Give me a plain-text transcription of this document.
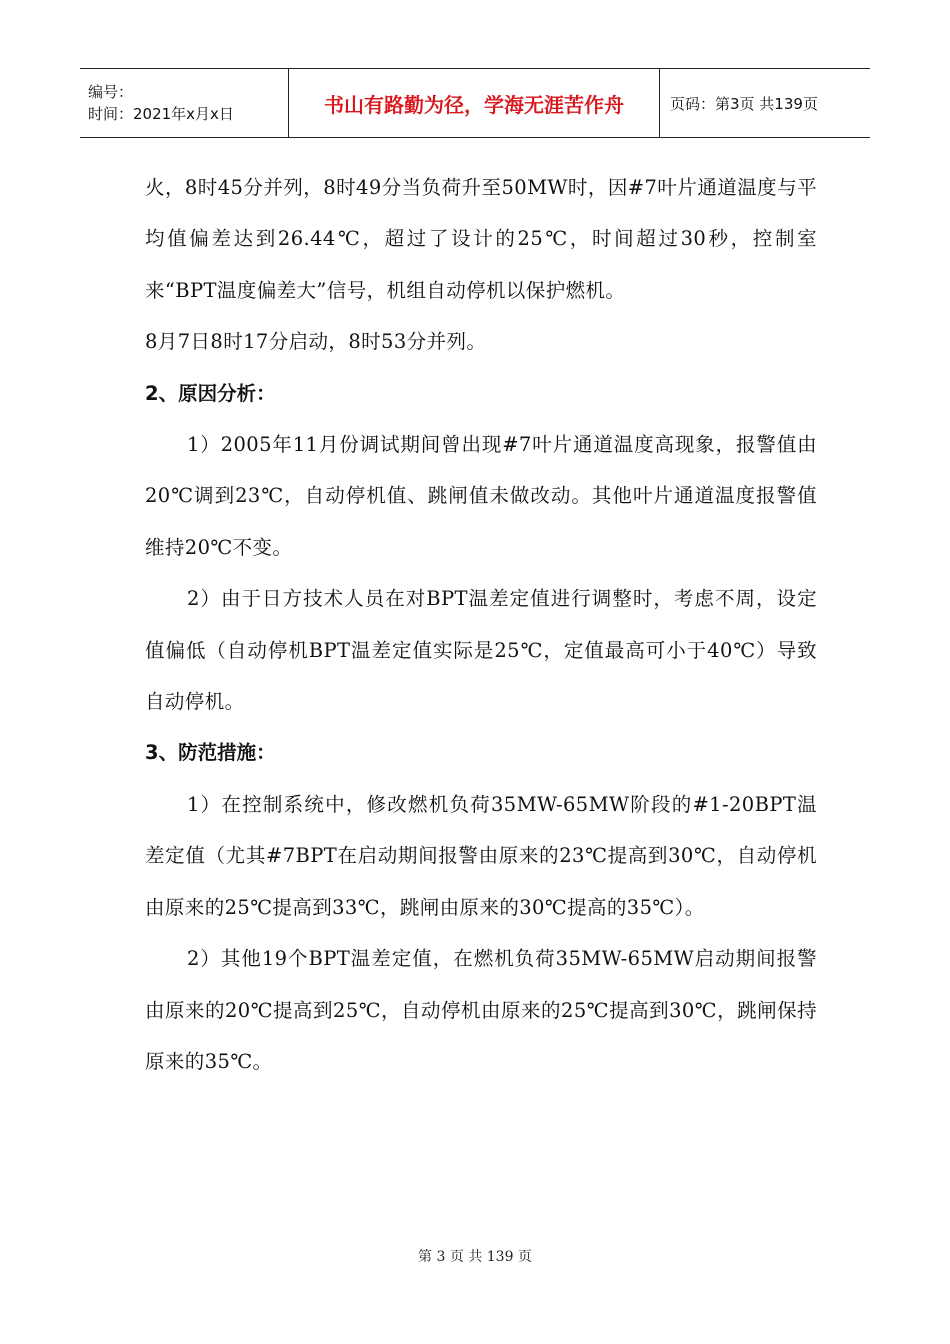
编号：
时间：2021年x月x日	书山有路勤为径，学海无涯苦作舟	页码：第3页 共139页

火，8时45分并列，8时49分当负荷升至50MW时，因#7叶片通道温度与平均值偏差达到26.44℃，超过了设计的25℃，时间超过30秒，控制室来“BPT温度偏差大”信号，机组自动停机以保护燃机。

8月7日8时17分启动，8时53分并列。

2、原因分析：

1）2005年11月份调试期间曾出现#7叶片通道温度高现象，报警值由20℃调到23℃，自动停机值、跳闸值未做改动。其他叶片通道温度报警值维持20℃不变。

2）由于日方技术人员在对BPT温差定值进行调整时，考虑不周，设定值偏低（自动停机BPT温差定值实际是25℃，定值最高可小于40℃）导致自动停机。

3、防范措施：

1）在控制系统中，修改燃机负荷35MW-65MW阶段的#1-20BPT温差定值（尤其#7BPT在启动期间报警由原来的23℃提高到30℃，自动停机由原来的25℃提高到33℃，跳闸由原来的30℃提高的35℃）。

2）其他19个BPT温差定值，在燃机负荷35MW-65MW启动期间报警由原来的20℃提高到25℃，自动停机由原来的25℃提高到30℃，跳闸保持原来的35℃。

第 3 页 共 139 页
